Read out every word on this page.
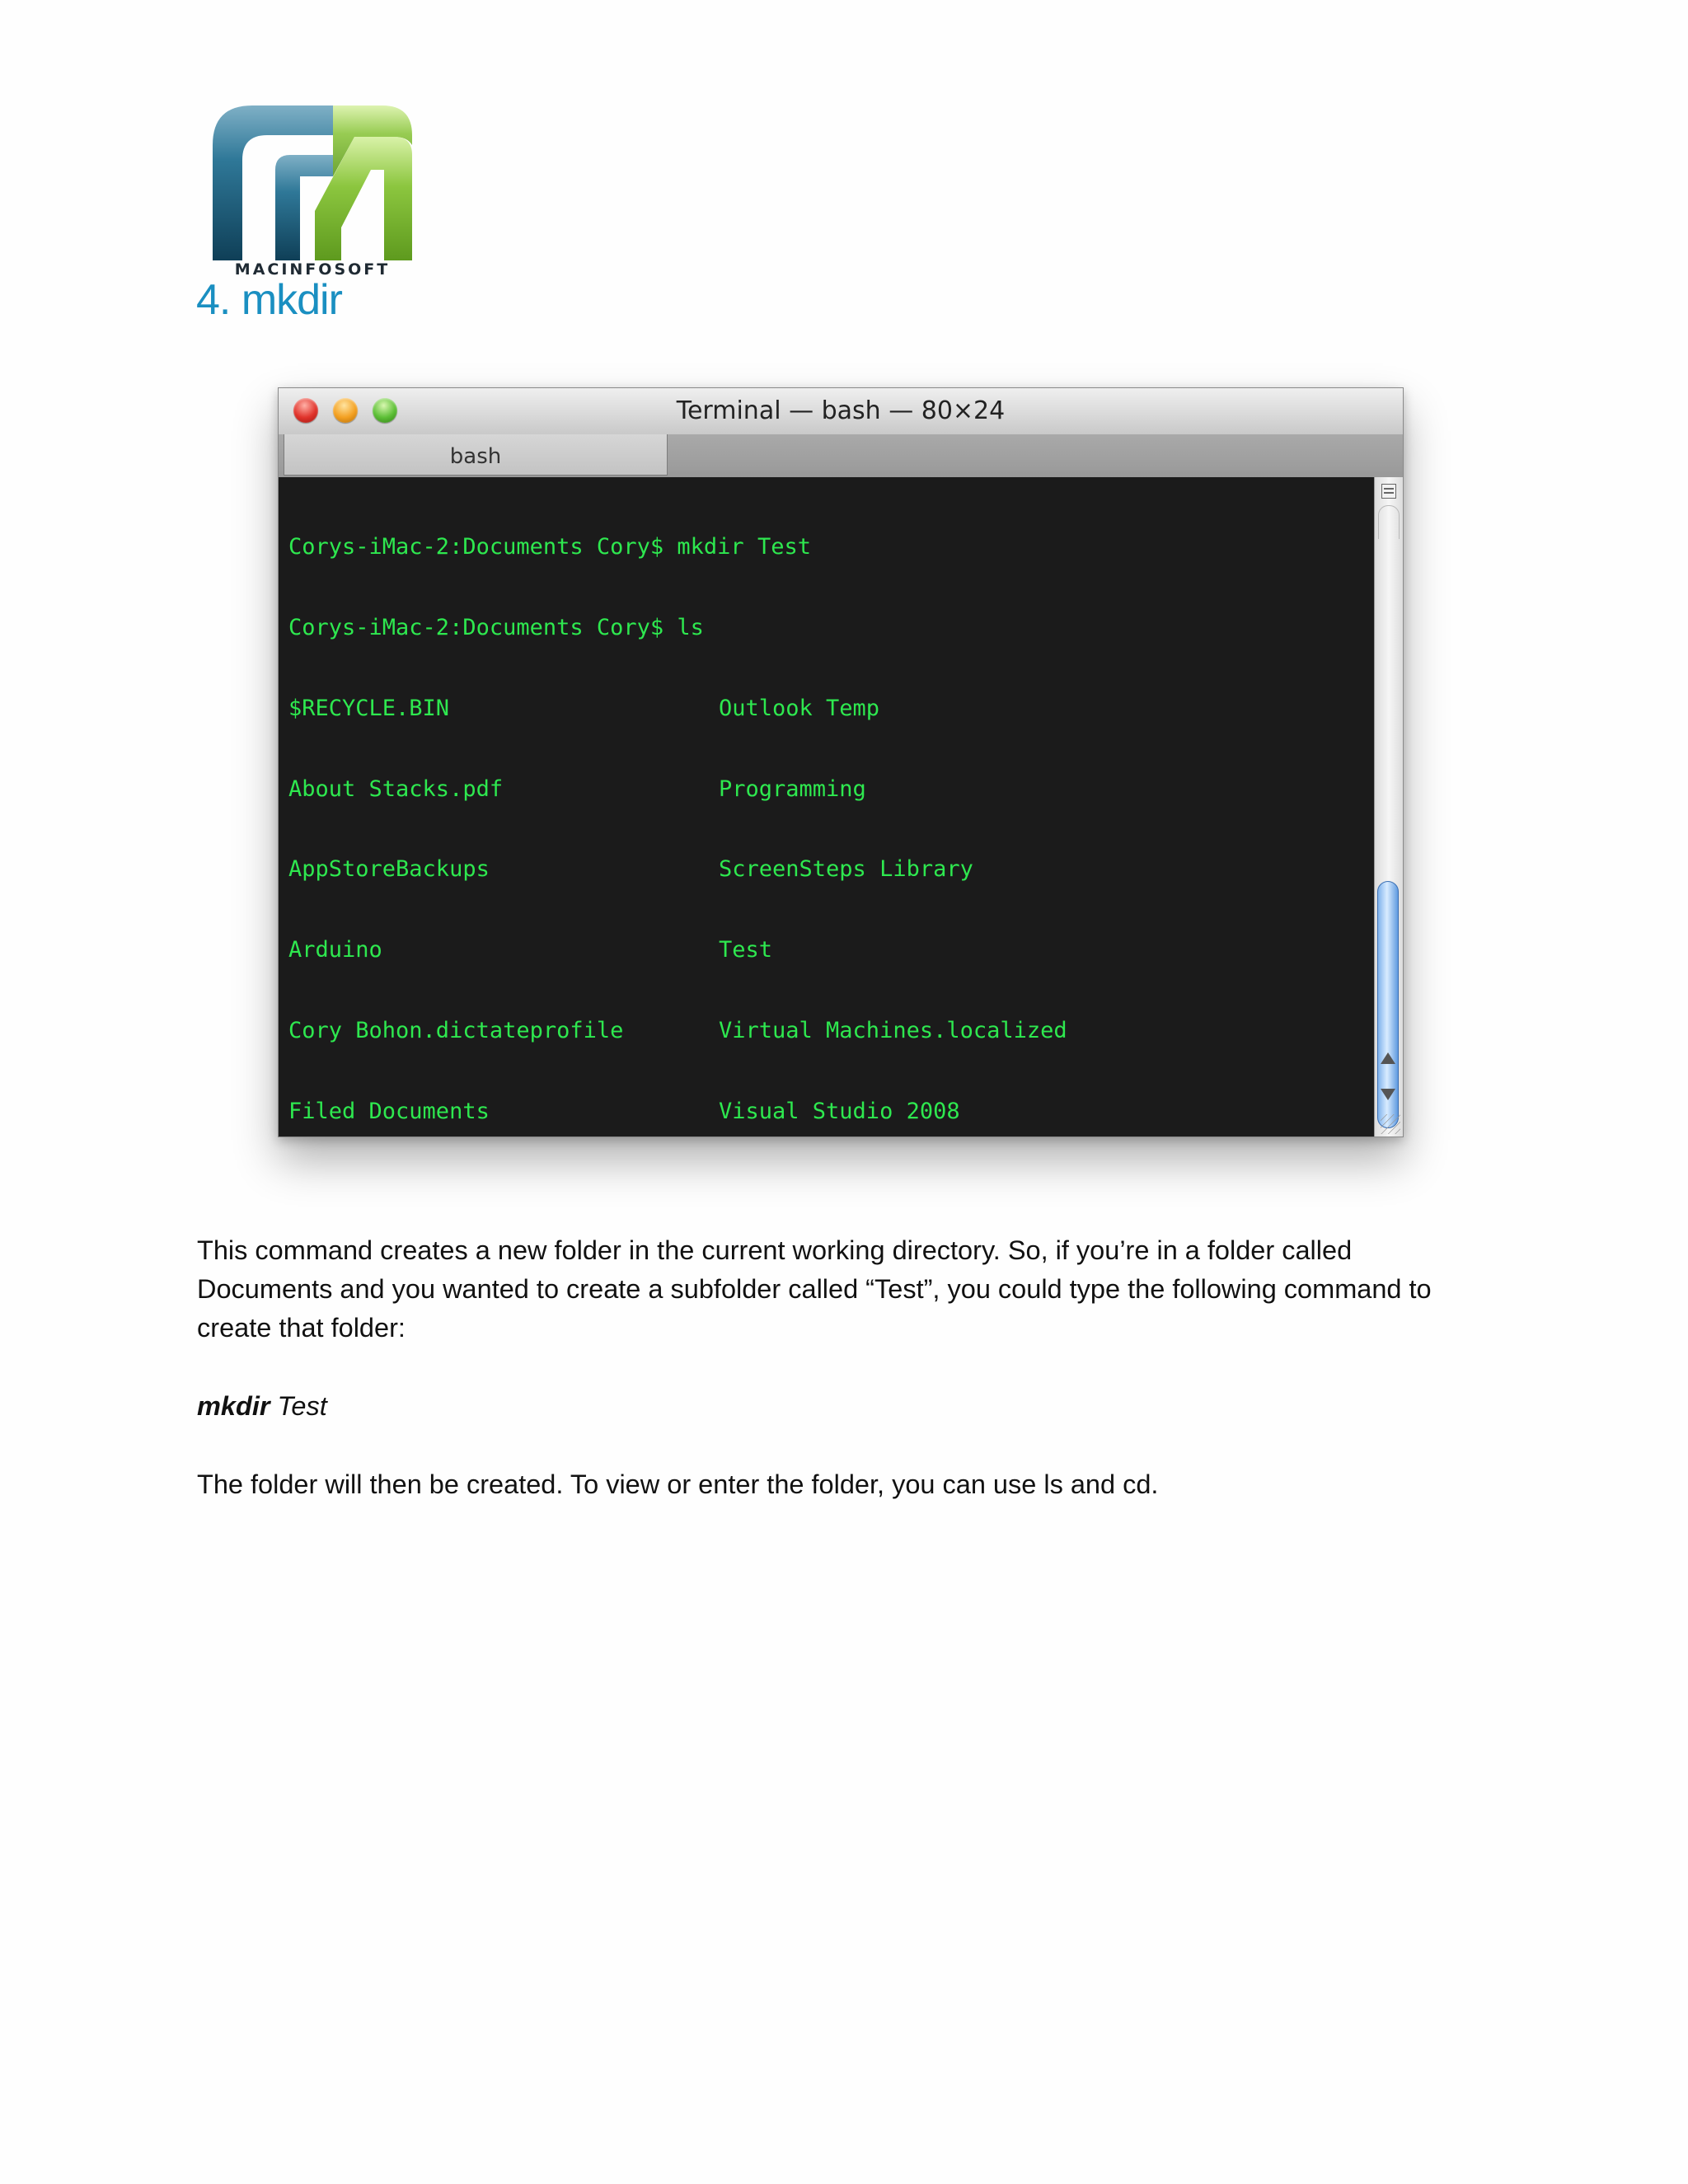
MACINFOSOFT
4. mkdir
Terminal — bash — 80×24
bash

Corys-iMac-2:Documents Cory$ mkdir Test

Corys-iMac-2:Documents Cory$ ls

$RECYCLE.BIN	Outlook Temp

About Stacks.pdf	Programming

AppStoreBackups	ScreenSteps Library

Arduino	Test

Cory Bohon.dictateprofile	Virtual Machines.localized

Filed Documents	Visual Studio 2008

This command creates a new folder in the current working directory. So, if you’re in a folder called Documents and you wanted to create a subfolder called “Test”, you could type the following command to create that folder:

mkdir Test

The folder will then be created. To view or enter the folder, you can use ls and cd.
